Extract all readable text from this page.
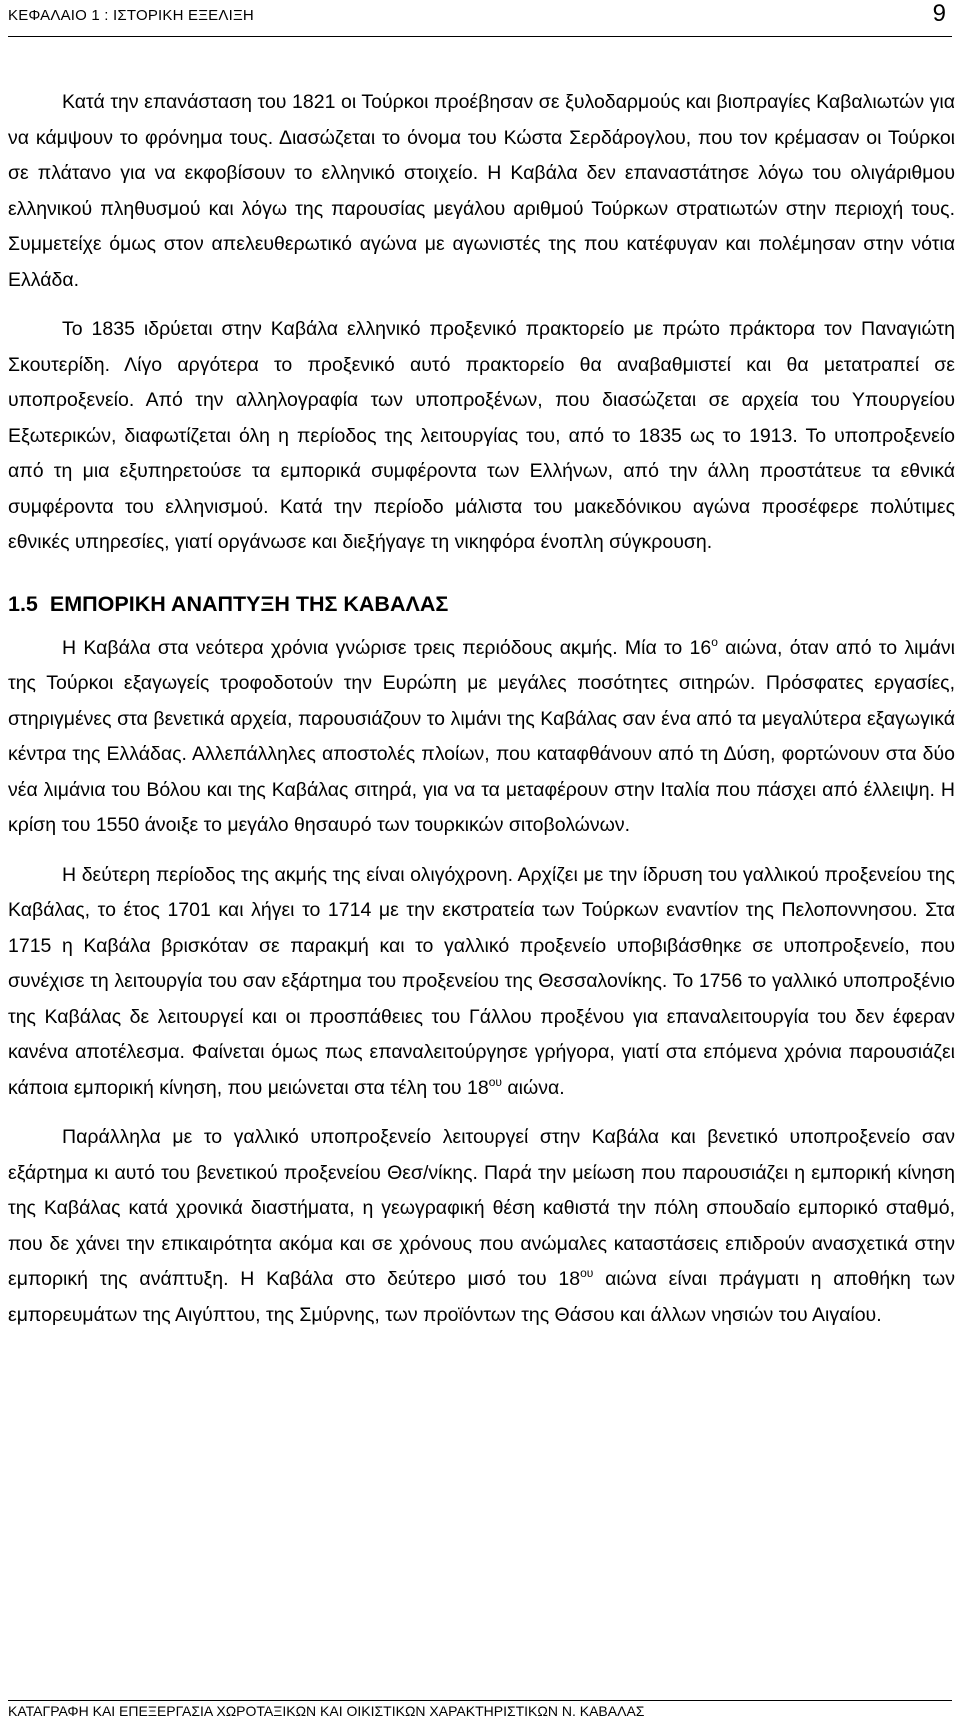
ΚΕΦΑΛΑΙΟ 1 : ΙΣΤΟΡΙΚΗ ΕΞΕΛΙΞΗ	9

Κατά την επανάσταση του 1821 οι Τούρκοι προέβησαν σε ξυλοδαρμούς και βιοπραγίες Καβαλιωτών για να κάμψουν το φρόνημα τους. Διασώζεται το όνομα του Κώστα Σερδάρογλου, που τον κρέμασαν οι Τούρκοι σε πλάτανο για να εκφοβίσουν το ελληνικό στοιχείο. Η Καβάλα δεν επαναστάτησε λόγω του ολιγάριθμου ελληνικού πληθυσμού και λόγω της παρουσίας μεγάλου αριθμού Τούρκων στρατιωτών στην περιοχή τους. Συμμετείχε όμως στον απελευθερωτικό αγώνα με αγωνιστές της που κατέφυγαν και πολέμησαν στην νότια Ελλάδα.

Το 1835 ιδρύεται στην Καβάλα ελληνικό προξενικό πρακτορείο με πρώτο πράκτορα τον Παναγιώτη Σκουτερίδη. Λίγο αργότερα το προξενικό αυτό πρακτορείο θα αναβαθμιστεί και θα μετατραπεί σε υποπροξενείο. Από την αλληλογραφία των υποπροξένων, που διασώζεται σε αρχεία του Υπουργείου Εξωτερικών, διαφωτίζεται όλη η περίοδος της λειτουργίας του, από το 1835 ως το 1913. Το υποπροξενείο από τη μια εξυπηρετούσε τα εμπορικά συμφέροντα των Ελλήνων, από την άλλη προστάτευε τα εθνικά συμφέροντα του ελληνισμού. Κατά την περίοδο μάλιστα του μακεδόνικου αγώνα προσέφερε πολύτιμες εθνικές υπηρεσίες, γιατί οργάνωσε και διεξήγαγε τη νικηφόρα ένοπλη σύγκρουση.

1.5 ΕΜΠΟΡΙΚΗ ΑΝΑΠΤΥΞΗ ΤΗΣ ΚΑΒΑΛΑΣ

Η Καβάλα στα νεότερα χρόνια γνώρισε τρεις περιόδους ακμής. Μία το $16^o$ αιώνα, όταν από το λιμάνι της Τούρκοι εξαγωγείς τροφοδοτούν την Ευρώπη με μεγάλες ποσότητες σιτηρών. Πρόσφατες εργασίες, στηριγμένες στα βενετικά αρχεία, παρουσιάζουν το λιμάνι της Καβάλας σαν ένα από τα μεγαλύτερα εξαγωγικά κέντρα της Ελλάδας. Αλλεπάλληλες αποστολές πλοίων, που καταφθάνουν από τη Δύση, φορτώνουν στα δύο νέα λιμάνια του Βόλου και της Καβάλας σιτηρά, για να τα μεταφέρουν στην Ιταλία που πάσχει από έλλειψη. Η κρίση του 1550 άνοιξε το μεγάλο θησαυρό των τουρκικών σιτοβολώνων.

Η δεύτερη περίοδος της ακμής της είναι ολιγόχρονη. Αρχίζει με την ίδρυση του γαλλικού προξενείου της Καβάλας, το έτος 1701 και λήγει το 1714 με την εκστρατεία των Τούρκων εναντίον της Πελοποννησου. Στα 1715 η Καβάλα βρισκόταν σε παρακμή και το γαλλικό προξενείο υποβιβάσθηκε σε υποπροξενείο, που συνέχισε τη λειτουργία του σαν εξάρτημα του προξενείου της Θεσσαλονίκης. Το 1756 το γαλλικό υποπροξένιο της Καβάλας δε λειτουργεί και οι προσπάθειες του Γάλλου προξένου για επαναλειτουργία του δεν έφεραν κανένα αποτέλεσμα. Φαίνεται όμως πως επαναλειτούργησε γρήγορα, γιατί στα επόμενα χρόνια παρουσιάζει κάποια εμπορική κίνηση, που μειώνεται στα τέλη του $18^{o\upsilon}$ αιώνα.

Παράλληλα με το γαλλικό υποπροξενείο λειτουργεί στην Καβάλα και βενετικό υποπροξενείο σαν εξάρτημα κι αυτό του βενετικού προξενείου Θεσ/νίκης. Παρά την μείωση που παρουσιάζει η εμπορική κίνηση της Καβάλας κατά χρονικά διαστήματα, η γεωγραφική θέση καθιστά την πόλη σπουδαίο εμπορικό σταθμό, που δε χάνει την επικαιρότητα ακόμα και σε χρόνους που ανώμαλες καταστάσεις επιδρούν ανασχετικά στην εμπορική της ανάπτυξη. Η Καβάλα στο δεύτερο μισό του $18^{o\upsilon}$ αιώνα είναι πράγματι η αποθήκη των εμπορευμάτων της Αιγύπτου, της Σμύρνης, των προϊόντων της Θάσου και άλλων νησιών του Αιγαίου.

ΚΑΤΑΓΡΑΦΗ ΚΑΙ ΕΠΕΞΕΡΓΑΣΙΑ ΧΩΡΟΤΑΞΙΚΩΝ ΚΑΙ ΟΙΚΙΣΤΙΚΩΝ ΧΑΡΑΚΤΗΡΙΣΤΙΚΩΝ Ν. ΚΑΒΑΛΑΣ
